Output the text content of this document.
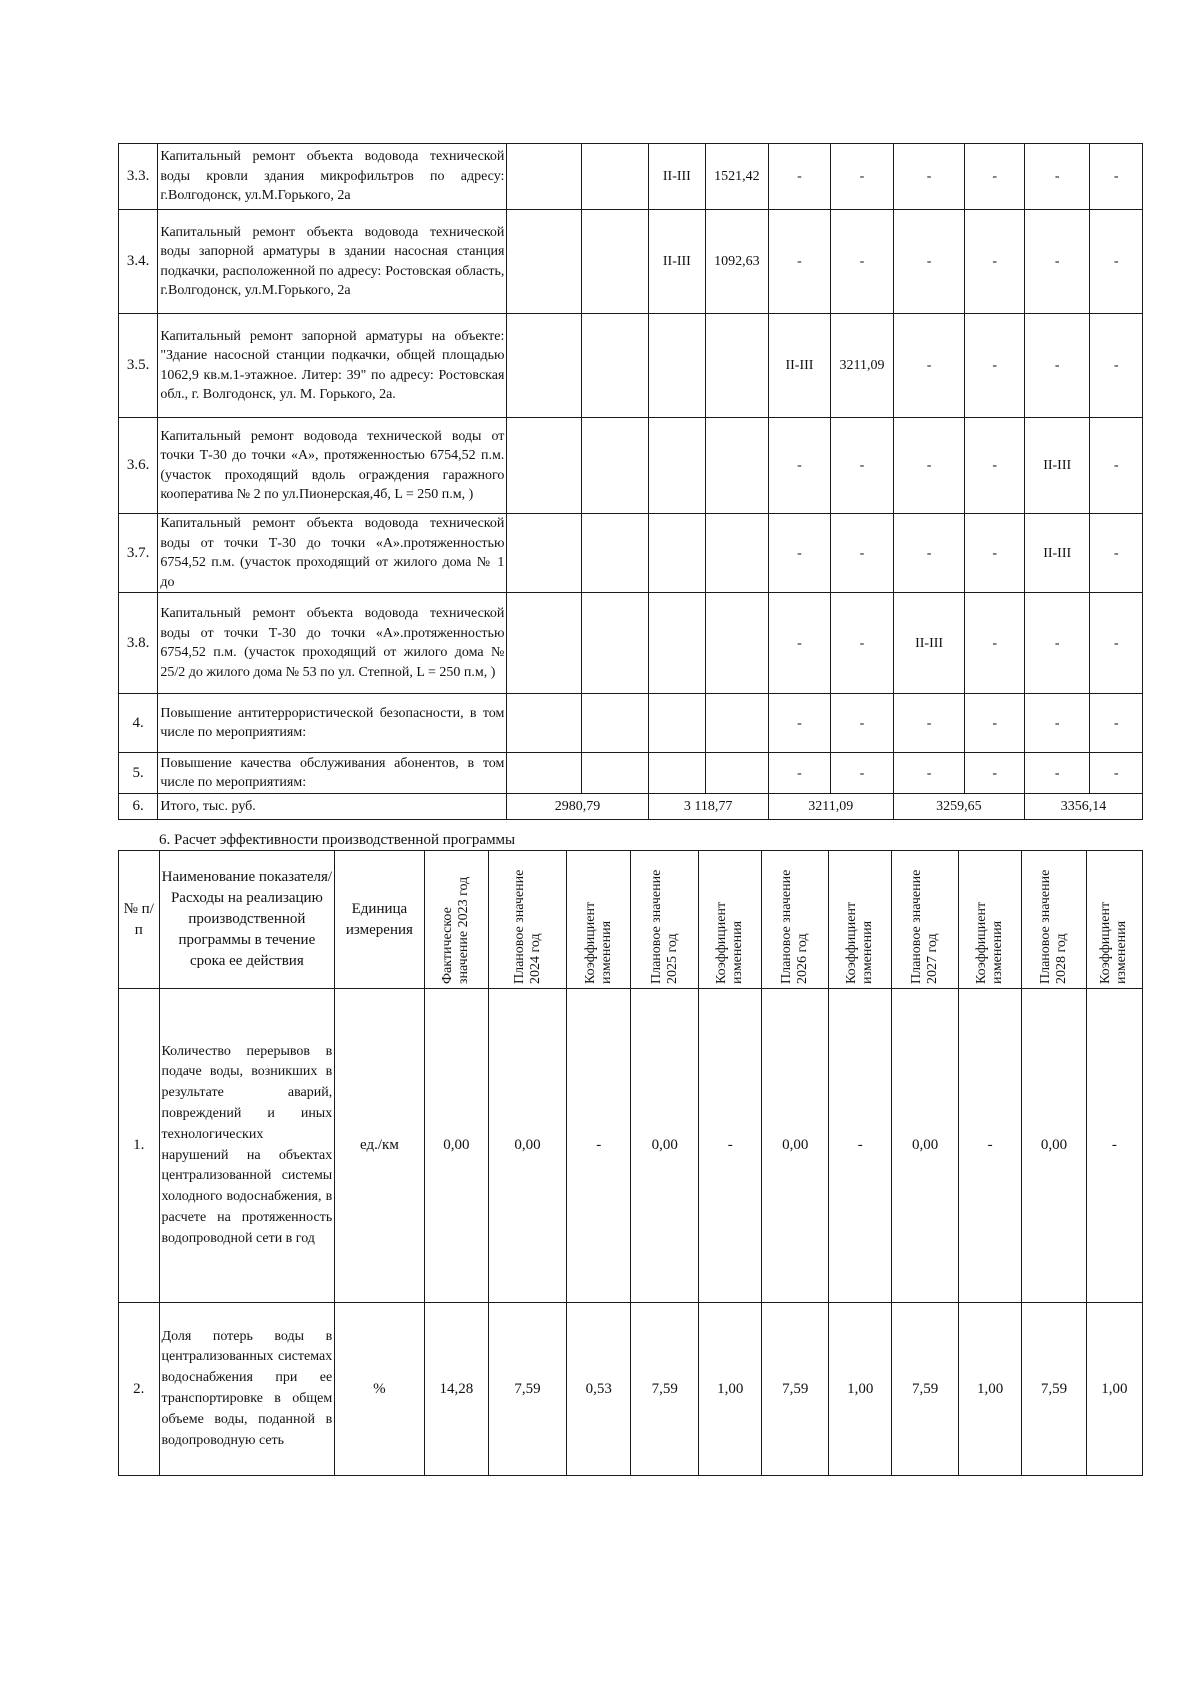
3.3.	Капитальный ремонт объекта водовода технической воды кровли здания микрофильтров по адресу: г.Волгодонск, ул.М.Горького, 2а			II-III	1521,42	-	-	-	-	-	-
3.4.	Капитальный ремонт объекта водовода технической воды запорной арматуры в здании насосная станция подкачки, расположенной по адресу: Ростовская область, г.Волгодонск, ул.М.Горького, 2а			II-III	1092,63	-	-	-	-	-	-
3.5.	Капитальный ремонт запорной арматуры на объекте: "Здание насосной станции подкачки, общей площадью 1062,9 кв.м.1-этажное. Литер: 39" по адресу: Ростовская обл., г. Волгодонск, ул. М. Горького, 2а.					II-III	3211,09	-	-	-	-
3.6.	Капитальный ремонт водовода технической воды от точки Т-30 до точки «А», протяженностью 6754,52 п.м. (участок проходящий вдоль ограждения гаражного кооператива № 2 по ул.Пионерская,4б, L = 250 п.м, )					-	-	-	-	II-III	-
3.7.	Капитальный ремонт объекта водовода технической воды от точки Т-30 до точки «А».протяженностью 6754,52 п.м. (участок проходящий от жилого дома № 1 до					-	-	-	-	II-III	-
3.8.	Капитальный ремонт объекта водовода технической воды от точки Т-30 до точки «А».протяженностью 6754,52 п.м. (участок проходящий от жилого дома № 25/2 до жилого дома № 53 по ул. Степной, L = 250 п.м, )					-	-	II-III	-	-	-
4.	Повышение антитеррористической безопасности, в том числе по мероприятиям:					-	-	-	-	-	-
5.	Повышение качества обслуживания абонентов, в том числе по мероприятиям:					-	-	-	-	-	-
6.	Итого, тыс. руб.	2980,79		3 118,77		3211,09		3259,65		3356,14	
6. Расчет эффективности производственной программы
№ п/п	Наименование показателя/Расходы на реализацию производственной программы в течение срока ее действия	Единица измерения	Фактическое значение 2023 год	Плановое значение 2024 год	Коэффициент изменения	Плановое значение 2025 год	Коэффициент изменения	Плановое значение 2026 год	Коэффициент изменения	Плановое значение 2027 год	Коэффициент изменения	Плановое значение 2028 год	Коэффициент изменения

1.	Количество перерывов в подаче воды, возникших в результате аварий, повреждений и иных технологических нарушений на объектах централизованной системы холодного водоснабжения, в расчете на протяженность водопроводной сети в год	ед./км	0,00	0,00	-	0,00	-	0,00	-	0,00	-	0,00	-
2.	Доля потерь воды в централизованных системах водоснабжения при ее транспортировке в общем объеме воды, поданной в водопроводную сеть	%	14,28	7,59	0,53	7,59	1,00	7,59	1,00	7,59	1,00	7,59	1,00
